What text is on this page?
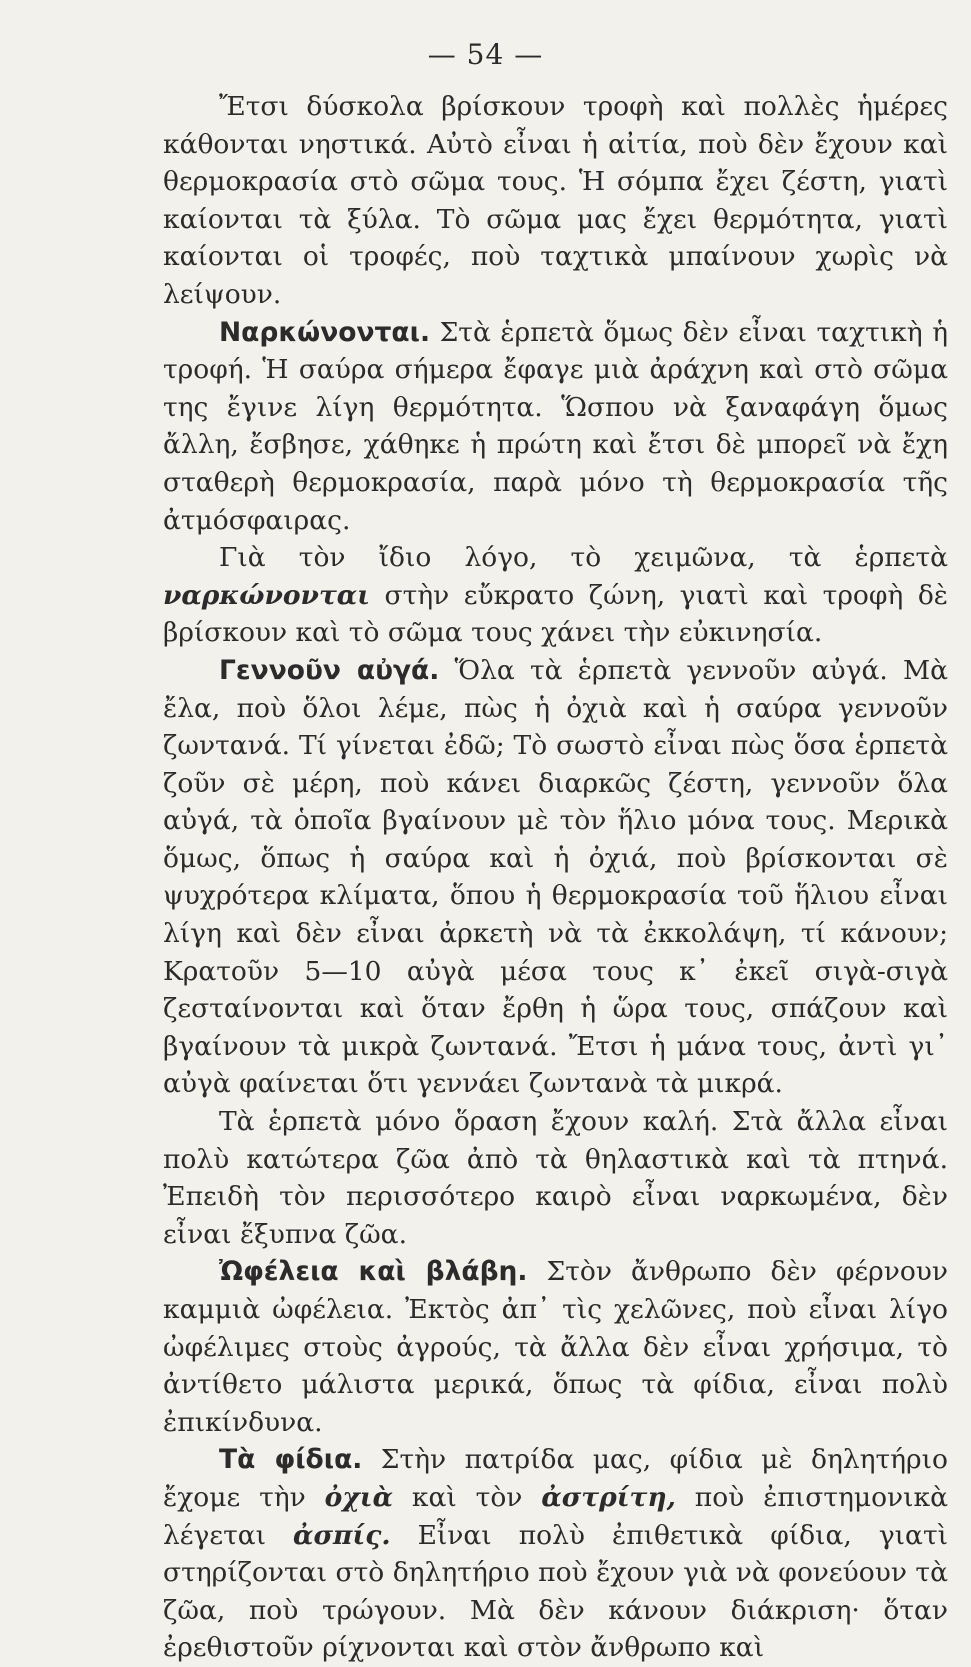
— 54 —

Ἔτσι δύσκολα βρίσκουν τροφὴ καὶ πολλὲς ἡμέρες κάθονται νηστικά. Αὐτὸ εἶναι ἡ αἰτία, ποὺ δὲν ἔχουν καὶ θερμοκρασία στὸ σῶμα τους. Ἡ σόμπα ἔχει ζέστη, γιατὶ καίονται τὰ ξύλα. Τὸ σῶμα μας ἔχει θερμότητα, γιατὶ καίονται οἱ τροφές, ποὺ ταχτικὰ μπαίνουν χωρὶς νὰ λείψουν.

Ναρκώνονται. Στὰ ἑρπετὰ ὅμως δὲν εἶναι ταχτικὴ ἡ τροφή. Ἡ σαύρα σήμερα ἔφαγε μιὰ ἀράχνη καὶ στὸ σῶμα της ἔγινε λίγη θερμότητα. Ὥσπου νὰ ξαναφάγη ὅμως ἄλλη, ἔσβησε, χάθηκε ἡ πρώτη καὶ ἔτσι δὲ μπορεῖ νὰ ἔχη σταθερὴ θερμοκρασία, παρὰ μόνο τὴ θερμοκρασία τῆς ἀτμόσφαιρας.

Γιὰ τὸν ἴδιο λόγο, τὸ χειμῶνα, τὰ ἑρπετὰ ναρκώνονται στὴν εὔκρατο ζώνη, γιατὶ καὶ τροφὴ δὲ βρίσκουν καὶ τὸ σῶμα τους χάνει τὴν εὐκινησία.

Γεννοῦν αὐγά. Ὅλα τὰ ἑρπετὰ γεννοῦν αὐγά. Μὰ ἔλα, ποὺ ὅλοι λέμε, πὼς ἡ ὀχιὰ καὶ ἡ σαύρα γεννοῦν ζωντανά. Τί γίνεται ἐδῶ; Τὸ σωστὸ εἶναι πὼς ὅσα ἑρπετὰ ζοῦν σὲ μέρη, ποὺ κάνει διαρκῶς ζέστη, γεννοῦν ὅλα αὐγά, τὰ ὁποῖα βγαίνουν μὲ τὸν ἥλιο μόνα τους. Μερικὰ ὅμως, ὅπως ἡ σαύρα καὶ ἡ ὀχιά, ποὺ βρίσκονται σὲ ψυχρότερα κλίματα, ὅπου ἡ θερμοκρασία τοῦ ἥλιου εἶναι λίγη καὶ δὲν εἶναι ἀρκετὴ νὰ τὰ ἐκκολάψη, τί κάνουν; Κρατοῦν 5—10 αὐγὰ μέσα τους κ᾿ ἐκεῖ σιγὰ-σιγὰ ζεσταίνονται καὶ ὅταν ἔρθη ἡ ὥρα τους, σπάζουν καὶ βγαίνουν τὰ μικρὰ ζωντανά. Ἔτσι ἡ μάνα τους, ἀντὶ γι᾿ αὐγὰ φαίνεται ὅτι γεννάει ζωντανὰ τὰ μικρά.

Τὰ ἑρπετὰ μόνο ὅραση ἔχουν καλή. Στὰ ἄλλα εἶναι πολὺ κατώτερα ζῶα ἀπὸ τὰ θηλαστικὰ καὶ τὰ πτηνά. Ἐπειδὴ τὸν περισσότερο καιρὸ εἶναι ναρκωμένα, δὲν εἶναι ἔξυπνα ζῶα.

Ὠφέλεια καὶ βλάβη. Στὸν ἄνθρωπο δὲν φέρνουν καμμιὰ ὠφέλεια. Ἐκτὸς ἀπ᾿ τὶς χελῶνες, ποὺ εἶναι λίγο ὠφέλιμες στοὺς ἀγρούς, τὰ ἄλλα δὲν εἶναι χρήσιμα, τὸ ἀντίθετο μάλιστα μερικά, ὅπως τὰ φίδια, εἶναι πολὺ ἐπικίνδυνα.

Τὰ φίδια. Στὴν πατρίδα μας, φίδια μὲ δηλητήριο ἔχομε τὴν ὀχιὰ καὶ τὸν ἀστρίτη, ποὺ ἐπιστημονικὰ λέγεται ἀσπίς. Εἶναι πολὺ ἐπιθετικὰ φίδια, γιατὶ στηρίζονται στὸ δηλητήριο ποὺ ἔχουν γιὰ νὰ φονεύουν τὰ ζῶα, ποὺ τρώγουν. Μὰ δὲν κάνουν διάκριση· ὅταν ἐρεθιστοῦν ρίχνονται καὶ στὸν ἄνθρωπο καὶ
